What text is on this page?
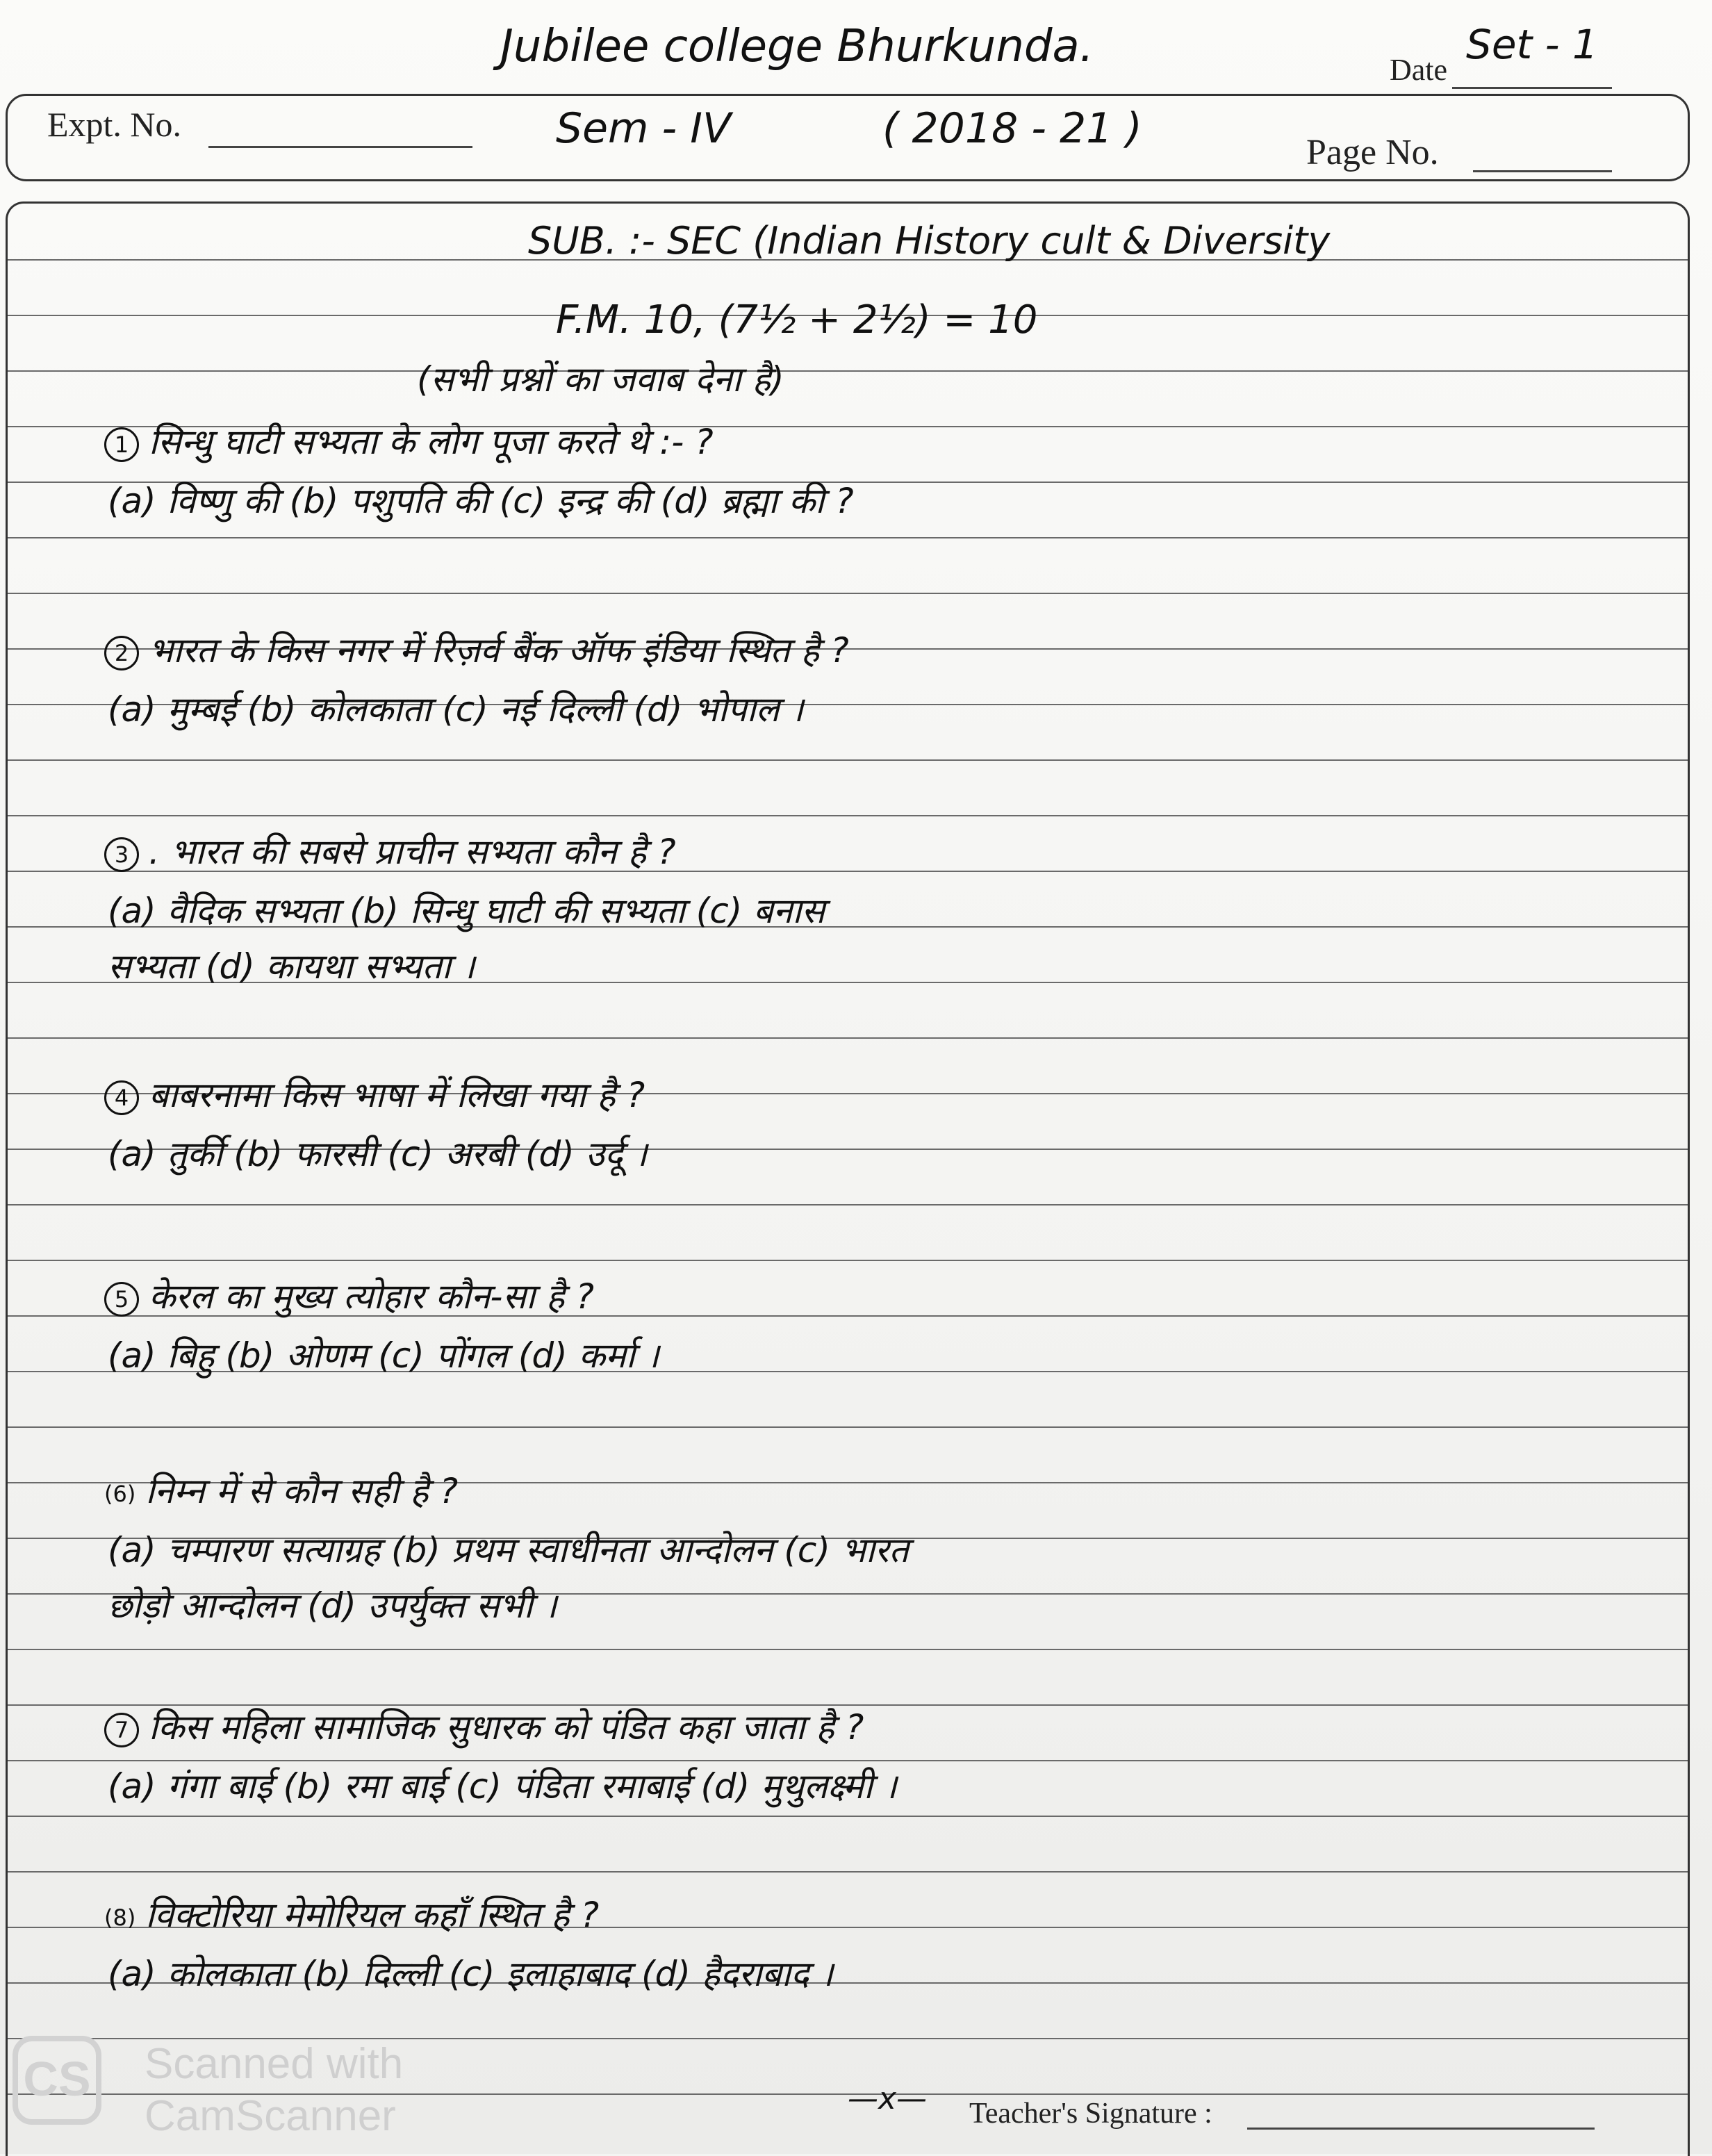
Jubilee college Bhurkunda.	Date
Set - 1
Expt. No.	Sem - IV	( 2018 - 21 )	Page No.
SUB. :- SEC (Indian History cult & Diversity
F.M. 10, (7½ + 2½) = 10
(सभी प्रश्नों का जवाब देना है)
1 सिन्धु घाटी सभ्यता के लोग पूजा करते थे :- ?
(a) विष्णु की (b) पशुपति की (c) इन्द्र की (d) ब्रह्मा की ?
2 भारत के किस नगर में रिज़र्व बैंक ऑफ इंडिया स्थित है ?
(a) मुम्बई (b) कोलकाता (c) नई दिल्ली (d) भोपाल ।
3 . भारत की सबसे प्राचीन सभ्यता कौन है ?
(a) वैदिक सभ्यता (b) सिन्धु घाटी की सभ्यता (c) बनास
सभ्यता (d) कायथा सभ्यता ।
4 बाबरनामा किस भाषा में लिखा गया है ?
(a) तुर्की (b) फारसी (c) अरबी (d) उर्दू ।
5 केरल का मुख्य त्योहार कौन-सा है ?
(a) बिहु (b) ओणम (c) पोंगल (d) कर्मा ।
(6) निम्न में से कौन सही है ?
(a) चम्पारण सत्याग्रह (b) प्रथम स्वाधीनता आन्दोलन (c) भारत
छोड़ो आन्दोलन (d) उपर्युक्त सभी ।
7 किस महिला सामाजिक सुधारक को पंडित कहा जाता है ?
(a) गंगा बाई (b) रमा बाई (c) पंडिता रमाबाई (d) मुथुलक्ष्मी ।
(8) विक्टोरिया मेमोरियल कहाँ स्थित है ?
(a) कोलकाता (b) दिल्ली (c) इलाहाबाद (d) हैदराबाद ।
—x— Teacher's Signature :
CS Scanned with
CamScanner
